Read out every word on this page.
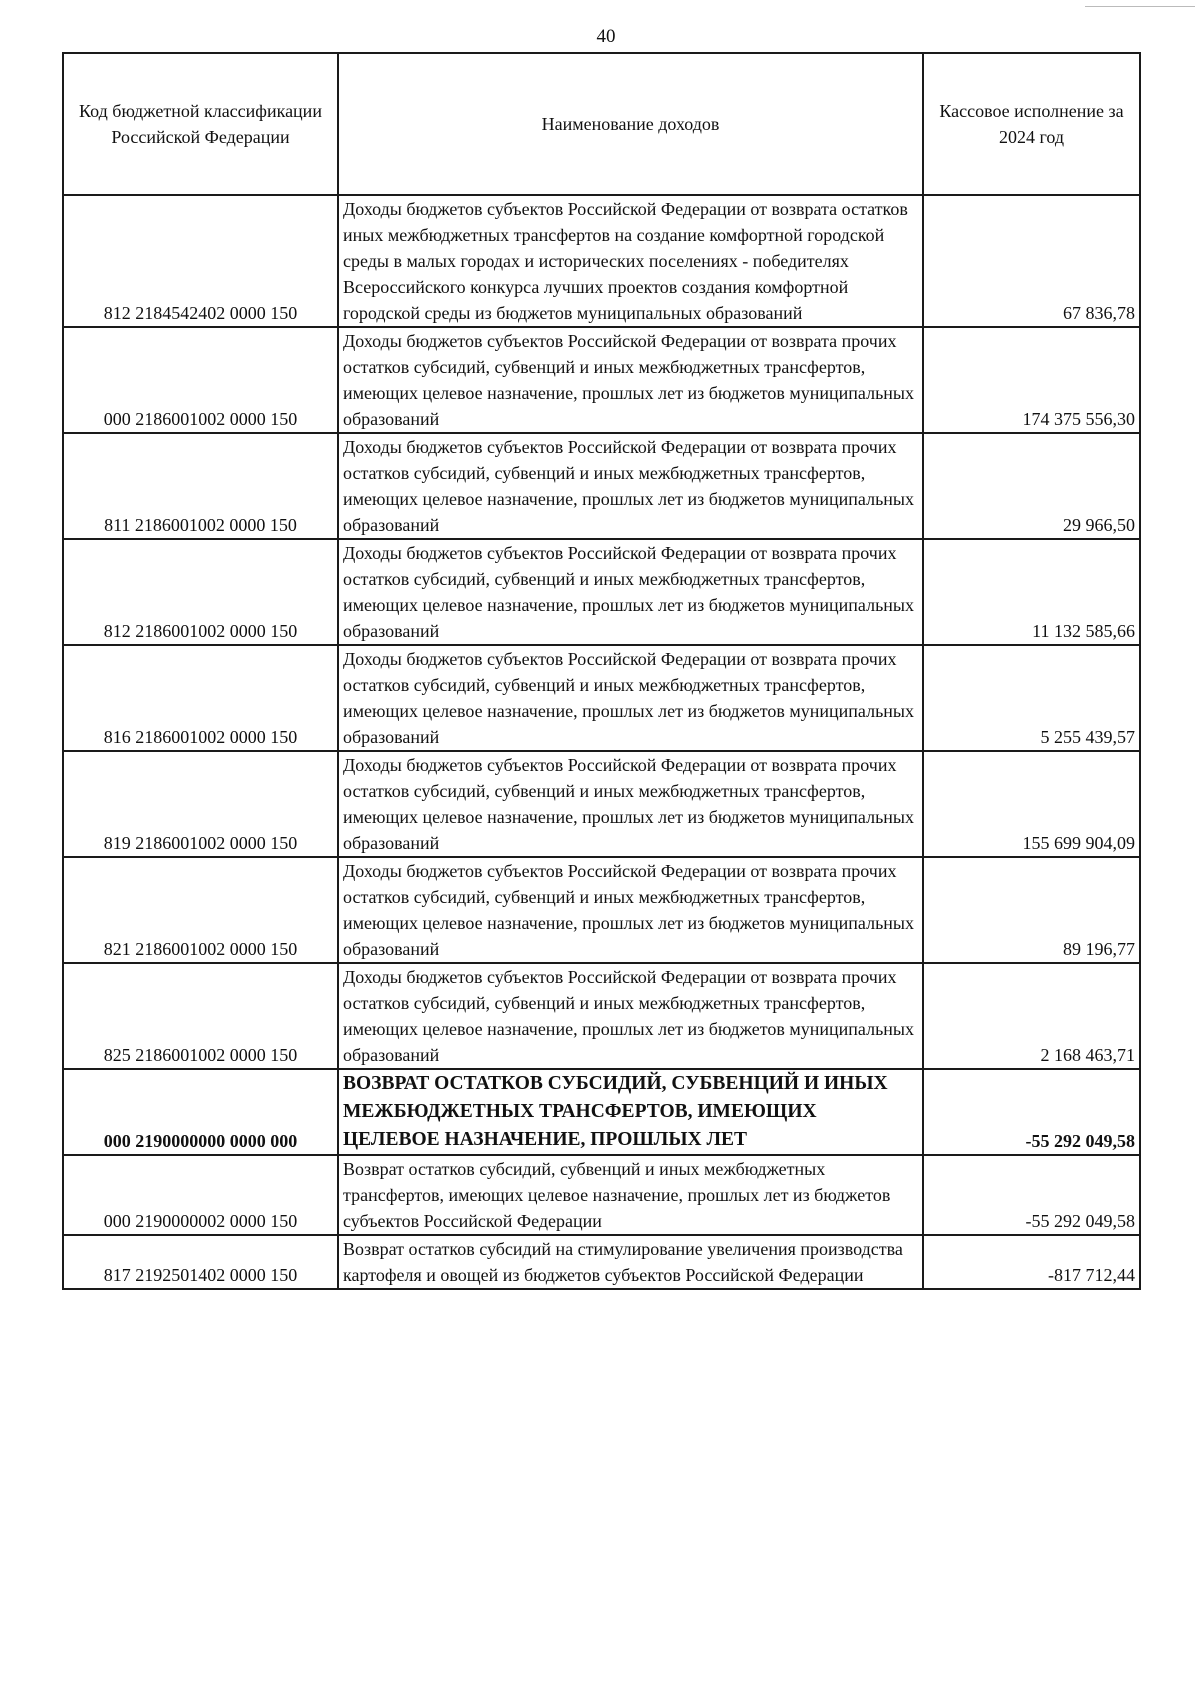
40
Код бюджетной классификации Российской Федерации	Наименование доходов	Кассовое исполнение за 2024 год
812 2184542402 0000 150	Доходы бюджетов субъектов Российской Федерации от возврата остатков иных межбюджетных трансфертов на создание комфортной городской среды в малых городах и исторических поселениях - победителях Всероссийского конкурса лучших проектов создания комфортной городской среды из бюджетов муниципальных образований	67 836,78
000 2186001002 0000 150	Доходы бюджетов субъектов Российской Федерации от возврата прочих остатков субсидий, субвенций и иных межбюджетных трансфертов, имеющих целевое назначение, прошлых лет из бюджетов муниципальных образований	174 375 556,30
811 2186001002 0000 150	Доходы бюджетов субъектов Российской Федерации от возврата прочих остатков субсидий, субвенций и иных межбюджетных трансфертов, имеющих целевое назначение, прошлых лет из бюджетов муниципальных образований	29 966,50
812 2186001002 0000 150	Доходы бюджетов субъектов Российской Федерации от возврата прочих остатков субсидий, субвенций и иных межбюджетных трансфертов, имеющих целевое назначение, прошлых лет из бюджетов муниципальных образований	11 132 585,66
816 2186001002 0000 150	Доходы бюджетов субъектов Российской Федерации от возврата прочих остатков субсидий, субвенций и иных межбюджетных трансфертов, имеющих целевое назначение, прошлых лет из бюджетов муниципальных образований	5 255 439,57
819 2186001002 0000 150	Доходы бюджетов субъектов Российской Федерации от возврата прочих остатков субсидий, субвенций и иных межбюджетных трансфертов, имеющих целевое назначение, прошлых лет из бюджетов муниципальных образований	155 699 904,09
821 2186001002 0000 150	Доходы бюджетов субъектов Российской Федерации от возврата прочих остатков субсидий, субвенций и иных межбюджетных трансфертов, имеющих целевое назначение, прошлых лет из бюджетов муниципальных образований	89 196,77
825 2186001002 0000 150	Доходы бюджетов субъектов Российской Федерации от возврата прочих остатков субсидий, субвенций и иных межбюджетных трансфертов, имеющих целевое назначение, прошлых лет из бюджетов муниципальных образований	2 168 463,71
000 2190000000 0000 000	ВОЗВРАТ ОСТАТКОВ СУБСИДИЙ, СУБВЕНЦИЙ И ИНЫХ МЕЖБЮДЖЕТНЫХ ТРАНСФЕРТОВ, ИМЕЮЩИХ ЦЕЛЕВОЕ НАЗНАЧЕНИЕ, ПРОШЛЫХ ЛЕТ	-55 292 049,58
000 2190000002 0000 150	Возврат остатков субсидий, субвенций и иных межбюджетных трансфертов, имеющих целевое назначение, прошлых лет из бюджетов субъектов Российской Федерации	-55 292 049,58
817 2192501402 0000 150	Возврат остатков субсидий на стимулирование увеличения производства картофеля и овощей из бюджетов субъектов Российской Федерации	-817 712,44
